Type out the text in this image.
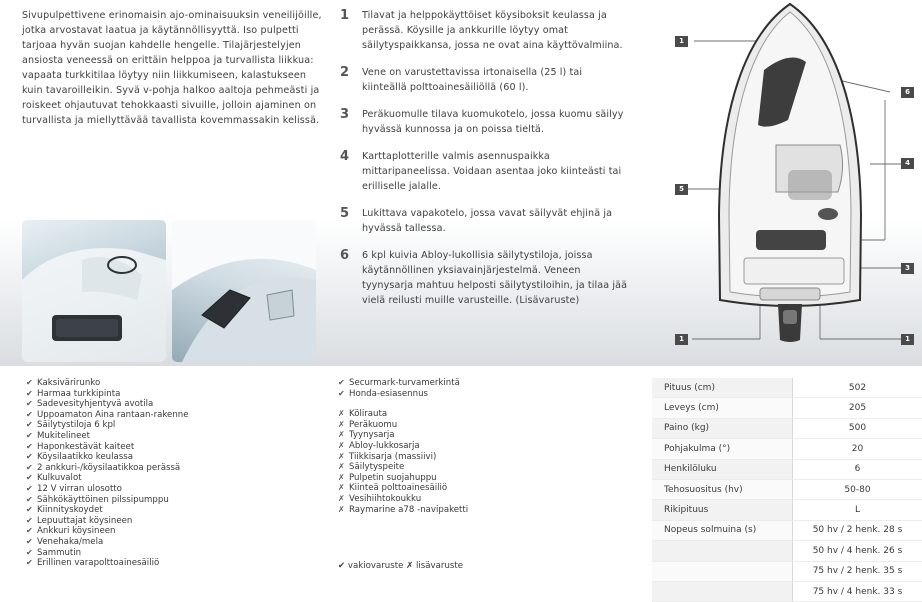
Sivupulpettivene erinomaisin ajo-ominaisuuksin veneilijöille, jotka arvostavat laatua ja käytännöllisyyttä. Iso pulpetti tarjoaa hyvän suojan kahdelle hengelle. Tilajärjestelyjen ansiosta veneessä on erittäin helppoa ja turvallista liikkua: vapaata turkkitilaa löytyy niin liikkumiseen, kalastukseen kuin tavaroilleikin. Syvä v-pohja halkoo aaltoja pehmeästi ja roiskeet ohjautuvat tehokkaasti sivuille, jolloin ajaminen on turvallista ja miellyttävää tavallista kovemmassakin kelissä.
1	Tilavat ja helppokäyttöiset köysiboksit keulassa ja perässä. Köysille ja ankkurille löytyy omat säilytyspaikkansa, jossa ne ovat aina käyttövalmiina.
2	Vene on varustettavissa irtonaisella (25 l) tai kiinteällä polttoainesäiliöllä (60 l).
3	Peräkuomulle tilava kuomukotelo, jossa kuomu säilyy hyvässä kunnossa ja on poissa tieltä.
4	Karttaplotterille valmis asennuspaikka mittaripaneelissa. Voidaan asentaa joko kiinteästi tai erilliselle jalalle.
5	Lukittava vapakotelo, jossa vavat säilyvät ehjinä ja hyvässä tallessa.
6	6 kpl kuivia Abloy-lukollisia säilytystiloja, joissa käytännöllinen yksiavainjärjestelmä. Veneen tyynysarja mahtuu helposti säilytystiloihin, ja tilaa jää vielä reilusti muille varusteille. (Lisävaruste)
1
6
4
5
3
1	1
✔ Kaksivärirunko
✔ Harmaa turkkipinta
✔ Sadevesityhjentyvä avotila
✔ Uppoamaton Aina rantaan-rakenne
✔ Säilytystiloja 6 kpl
✔ Mukitelineet
✔ Haponkestävät kaiteet
✔ Köysilaatikko keulassa
✔ 2 ankkuri-/köysilaatikkoa perässä
✔ Kulkuvalot
✔ 12 V virran ulosotto
✔ Sähkökäyttöinen pilssipumppu
✔ Kiinnityskoydet
✔ Lepuuttajat köysineen
✔ Ankkuri köysineen
✔ Venehaka/mela
✔ Sammutin
✔ Erillinen varapolttoainesäiliö
✔ Securmark-turvamerkintä
✔ Honda-esiasennus
✗ Kölirauta
✗ Peräkuomu
✗ Tyynysarja
✗ Abloy-lukkosarja
✗ Tiikkisarja (massiivi)
✗ Säilytyspeite
✗ Pulpetin suojahuppu
✗ Kiinteä polttoainesäiliö
✗ Vesihiihtokoukku
✗ Raymarine a78 -navipaketti
✔ vakiovaruste ✗ lisävaruste
Pituus (cm)	502
Leveys (cm)	205
Paino (kg)	500
Pohjakulma (°)	20
Henkilöluku	6
Tehosuositus (hv)	50-80
Rikipituus	L
Nopeus solmuina (s)	50 hv / 2 henk. 28 s
	50 hv / 4 henk. 26 s
	75 hv / 2 henk. 35 s
	75 hv / 4 henk. 33 s
